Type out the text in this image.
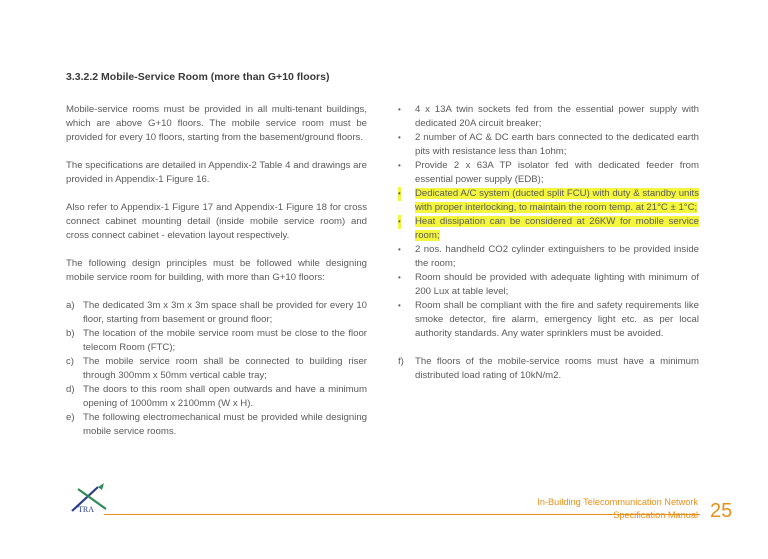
3.3.2.2 Mobile-Service Room (more than G+10 floors)

Mobile-service rooms must be provided in all multi-tenant buildings, which are above G+10 floors. The mobile service room must be provided for every 10 floors, starting from the basement/ground floors.

The specifications are detailed in Appendix-2 Table 4 and drawings are provided in Appendix-1 Figure 16.

Also refer to Appendix-1 Figure 17 and Appendix-1 Figure 18 for cross connect cabinet mounting detail (inside mobile service room) and cross connect cabinet - elevation layout respectively.

The following design principles must be followed while designing mobile service room for building, with more than G+10 floors:

a) The dedicated 3m x 3m x 3m space shall be provided for every 10 floor, starting from basement or ground floor;
b) The location of the mobile service room must be close to the floor telecom Room (FTC);
c) The mobile service room shall be connected to building riser through 300mm x 50mm vertical cable tray;
d) The doors to this room shall open outwards and have a minimum opening of 1000mm x 2100mm (W x H).
e) The following electromechanical must be provided while designing mobile service rooms.
• 4 x 13A twin sockets fed from the essential power supply with dedicated 20A circuit breaker;
• 2 number of AC & DC earth bars connected to the dedicated earth pits with resistance less than 1ohm;
• Provide 2 x 63A TP isolator fed with dedicated feeder from essential power supply (EDB);
• Dedicated A/C system (ducted split FCU) with duty & standby units with proper interlocking, to maintain the room temp. at 21°C ± 1°C;
• Heat dissipation can be considered at 26KW for mobile service room;
• 2 nos. handheld CO2 cylinder extinguishers to be provided inside the room;
• Room should be provided with adequate lighting with minimum of 200 Lux at table level;
• Room shall be compliant with the fire and safety requirements like smoke detector, fire alarm, emergency light etc. as per local authority standards. Any water sprinklers must be avoided.
f) The floors of the mobile-service rooms must have a minimum distributed load rating of 10kN/m2.
TRA
In-Building Telecommunication Network
Specification Manual 25
